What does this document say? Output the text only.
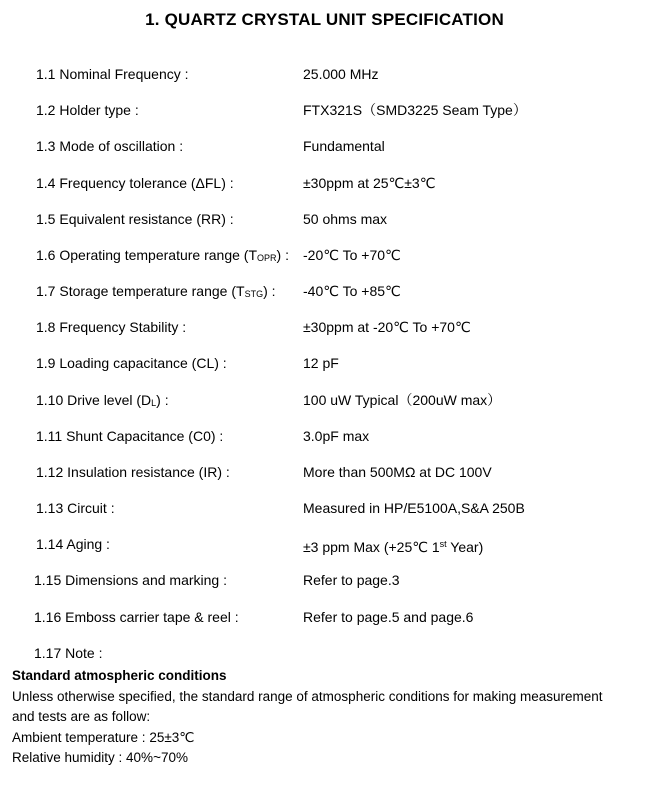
1. QUARTZ CRYSTAL UNIT SPECIFICATION
1.1 Nominal Frequency :	25.000 MHz
1.2 Holder type :	FTX321S（SMD3225 Seam Type）
1.3 Mode of oscillation :	Fundamental
1.4 Frequency tolerance (ΔFL) :	±30ppm at 25℃±3℃
1.5 Equivalent resistance (RR) :	50 ohms max
1.6 Operating temperature range (TOPR) : -20℃ To +70℃
1.7 Storage temperature range (TSTG) : -40℃ To +85℃
1.8 Frequency Stability :	±30ppm at -20℃ To +70℃
1.9 Loading capacitance (CL) :	12 pF
1.10 Drive level (DL) :	100 uW Typical（200uW max）
1.11 Shunt Capacitance (C0) :	3.0pF max
1.12 Insulation resistance (IR) :	More than 500MΩ at DC 100V
1.13 Circuit :	Measured in HP/E5100A,S&A 250B
1.14 Aging :	±3 ppm Max (+25℃ 1st Year)
1.15 Dimensions and marking :	Refer to page.3
1.16 Emboss carrier tape & reel :	Refer to page.5 and page.6
1.17 Note :
Standard atmospheric conditions
Unless otherwise specified, the standard range of atmospheric conditions for making measurement
and tests are as follow:
Ambient temperature : 25±3℃
Relative humidity : 40%~70%
